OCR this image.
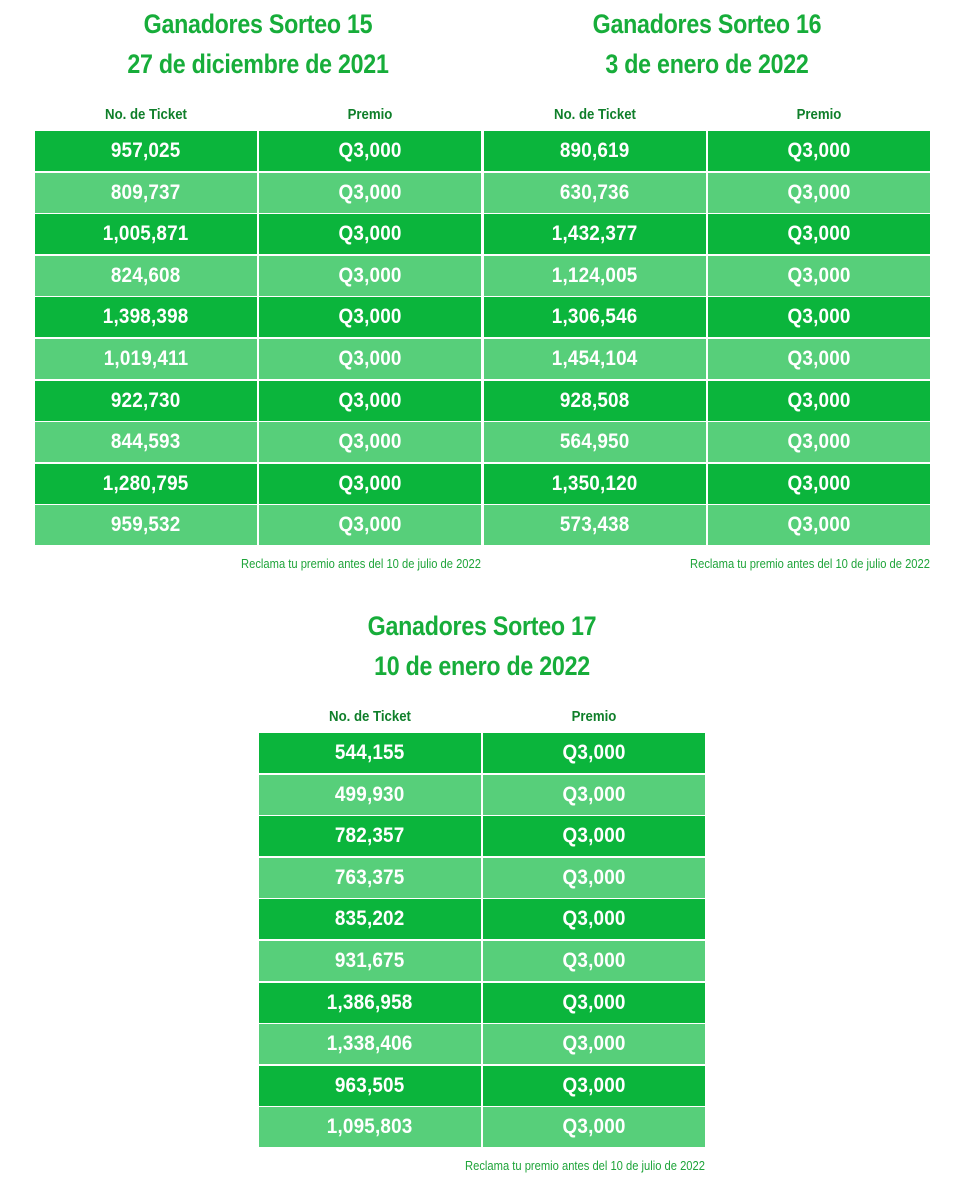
Ganadores Sorteo 15
27 de diciembre de 2021
No. de Ticket	Premio
957,025	Q3,000
809,737	Q3,000
1,005,871	Q3,000
824,608	Q3,000
1,398,398	Q3,000
1,019,411	Q3,000
922,730	Q3,000
844,593	Q3,000
1,280,795	Q3,000
959,532	Q3,000
Reclama tu premio antes del 10 de julio de 2022
Ganadores Sorteo 16
3 de enero de 2022
No. de Ticket	Premio
890,619	Q3,000
630,736	Q3,000
1,432,377	Q3,000
1,124,005	Q3,000
1,306,546	Q3,000
1,454,104	Q3,000
928,508	Q3,000
564,950	Q3,000
1,350,120	Q3,000
573,438	Q3,000
Reclama tu premio antes del 10 de julio de 2022
Ganadores Sorteo 17
10 de enero de 2022
No. de Ticket	Premio
544,155	Q3,000
499,930	Q3,000
782,357	Q3,000
763,375	Q3,000
835,202	Q3,000
931,675	Q3,000
1,386,958	Q3,000
1,338,406	Q3,000
963,505	Q3,000
1,095,803	Q3,000
Reclama tu premio antes del 10 de julio de 2022
